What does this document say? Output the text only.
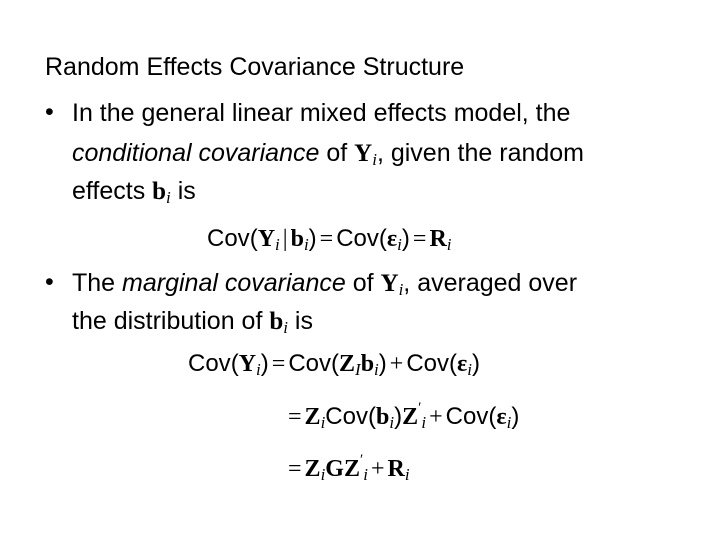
Random Effects Covariance Structure
• In the general linear mixed effects model, the
conditional covariance of $Y_i$, given the random
effects $b_i$ is
$Cov(Y_i$ | $b_i) = Cov(\varepsilon_i) = R_i$
• The marginal covariance of $Y_i$, averaged over
the distribution of $b_i$ is
$Cov(Y_i) = Cov(Z_Ib_i) + Cov(\varepsilon_i)$
= $Z_iCov(b_i)Z'_i + Cov(\varepsilon_i)$
= $Z_iGZ'_i + R_i$
